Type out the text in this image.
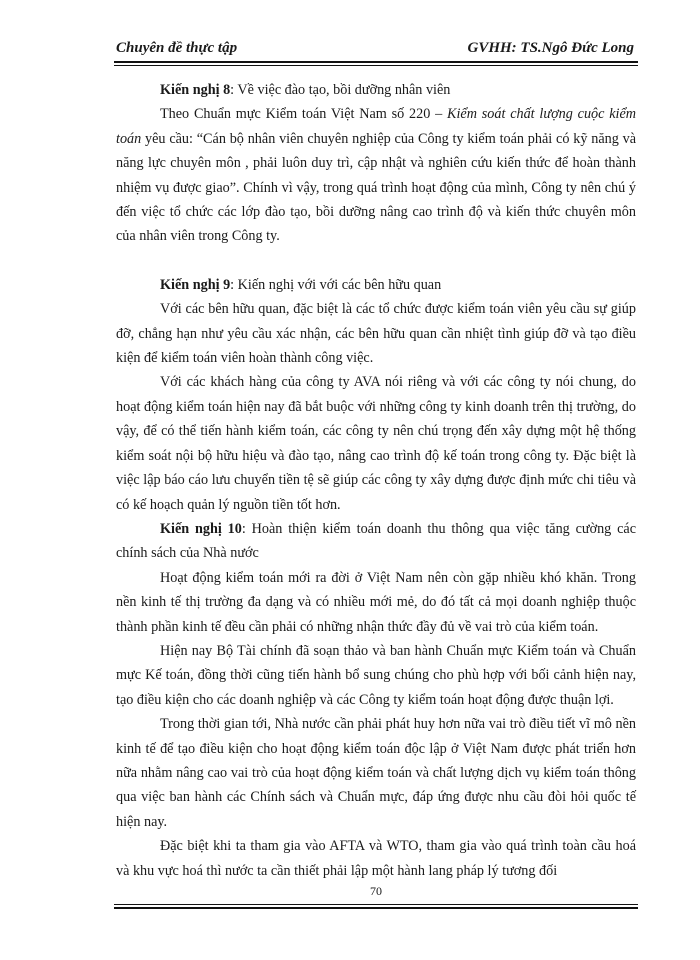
Chuyên đề thực tập	GVHH: TS.Ngô Đức Long

Kiến nghị 8: Về việc đào tạo, bồi dưỡng nhân viên

Theo Chuẩn mực Kiểm toán Việt Nam số 220 – Kiểm soát chất lượng cuộc kiểm toán yêu cầu: “Cán bộ nhân viên chuyên nghiệp của Công ty kiểm toán phải có kỹ năng và năng lực chuyên môn , phải luôn duy trì, cập nhật và nghiên cứu kiến thức để hoàn thành nhiệm vụ được giao”. Chính vì vậy, trong quá trình hoạt động của mình, Công ty nên chú ý đến việc tổ chức các lớp đào tạo, bồi dưỡng nâng cao trình độ và kiến thức chuyên môn của nhân viên trong Công ty.

Kiến nghị 9: Kiến nghị với với các bên hữu quan

Với các bên hữu quan, đặc biệt là các tổ chức được kiểm toán viên yêu cầu sự giúp đỡ, chẳng hạn như yêu cầu xác nhận, các bên hữu quan cần nhiệt tình giúp đỡ và tạo điều kiện để kiểm toán viên hoàn thành công việc.

Với các khách hàng của công ty AVA nói riêng và với các công ty nói chung, do hoạt động kiểm toán hiện nay đã bắt buộc với những công ty kinh doanh trên thị trường, do vậy, để có thể tiến hành kiểm toán, các công ty nên chú trọng đến xây dựng một hệ thống kiểm soát nội bộ hữu hiệu và đào tạo, nâng cao trình độ kế toán trong công ty. Đặc biệt là việc lập báo cáo lưu chuyển tiền tệ sẽ giúp các công ty xây dựng được định mức chi tiêu và có kế hoạch quản lý nguồn tiền tốt hơn.

Kiến nghị 10: Hoàn thiện kiểm toán doanh thu thông qua việc tăng cường các chính sách của Nhà nước

Hoạt động kiểm toán mới ra đời ở Việt Nam nên còn gặp nhiều khó khăn. Trong nền kinh tế thị trường đa dạng và có nhiều mới mẻ, do đó tất cả mọi doanh nghiệp thuộc thành phần kinh tế đều cần phải có những nhận thức đầy đủ về vai trò của kiểm toán.

Hiện nay Bộ Tài chính đã soạn thảo và ban hành Chuẩn mực Kiểm toán và Chuẩn mực Kế toán, đồng thời cũng tiến hành bổ sung chúng cho phù hợp với bối cảnh hiện nay, tạo điều kiện cho các doanh nghiệp và các Công ty kiểm toán hoạt động được thuận lợi.

Trong thời gian tới, Nhà nước cần phải phát huy hơn nữa vai trò điều tiết vĩ mô nền kinh tế để tạo điều kiện cho hoạt động kiểm toán độc lập ở Việt Nam được phát triển hơn nữa nhằm nâng cao vai trò của hoạt động kiểm toán và chất lượng dịch vụ kiểm toán thông qua việc ban hành các Chính sách và Chuẩn mực, đáp ứng được nhu cầu đòi hỏi quốc tế hiện nay.

Đặc biệt khi ta tham gia vào AFTA và WTO, tham gia vào quá trình toàn cầu hoá và khu vực hoá thì nước ta cần thiết phải lập một hành lang pháp lý tương đối

70
